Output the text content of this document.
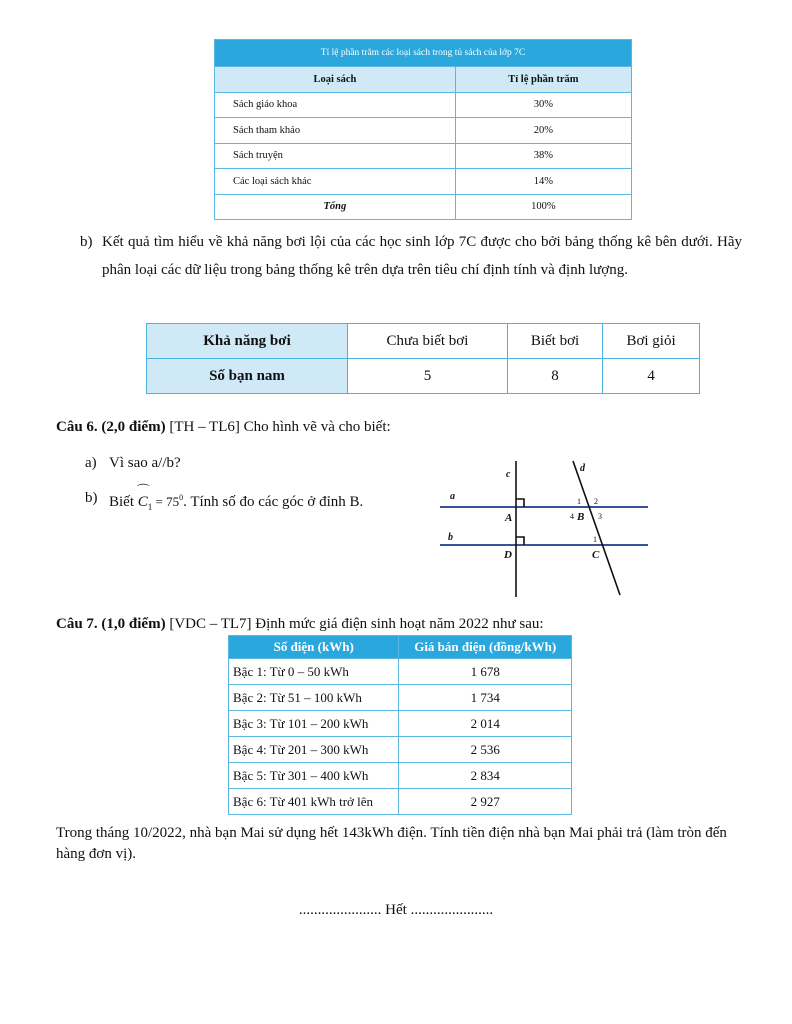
Tỉ lệ phần trăm các loại sách trong tủ sách của lớp 7C	
Loại sách	Tỉ lệ phần trăm
Sách giáo khoa	30%
Sách tham khảo	20%
Sách truyện	38%
Các loại sách khác	14%
Tổng	100%
b) Kết quả tìm hiểu về khả năng bơi lội của các học sinh lớp 7C được cho bởi bảng thống kê bên dưới. Hãy phân loại các dữ liệu trong bảng thống kê trên dựa trên tiêu chí định tính và định lượng.
Khả năng bơi	Chưa biết bơi	Biết bơi	Bơi giỏi
Số bạn nam	5	8	4
Câu 6. (2,0 điểm) [TH – TL6] Cho hình vẽ và cho biết:
a) Vì sao a//b?
b) Biết
⌒
$C_1 = 75^0$. Tính số đo các góc ở đỉnh B.	a
b
c
d
A	B
C
D
1 2
3
4
1
Câu 7. (1,0 điểm) [VDC – TL7] Định mức giá điện sinh hoạt năm 2022 như sau:
Số điện (kWh)	Giá bán điện (đồng/kWh)
Bậc 1: Từ 0 – 50 kWh	1 678
Bậc 2: Từ 51 – 100 kWh	1 734
Bậc 3: Từ 101 – 200 kWh	2 014
Bậc 4: Từ 201 – 300 kWh	2 536
Bậc 5: Từ 301 – 400 kWh	2 834
Bậc 6: Từ 401 kWh trở lên	2 927
Trong tháng 10/2022, nhà bạn Mai sử dụng hết 143kWh điện. Tính tiền điện nhà bạn Mai phải trả (làm tròn đến hàng đơn vị).
...................... Hết ......................
